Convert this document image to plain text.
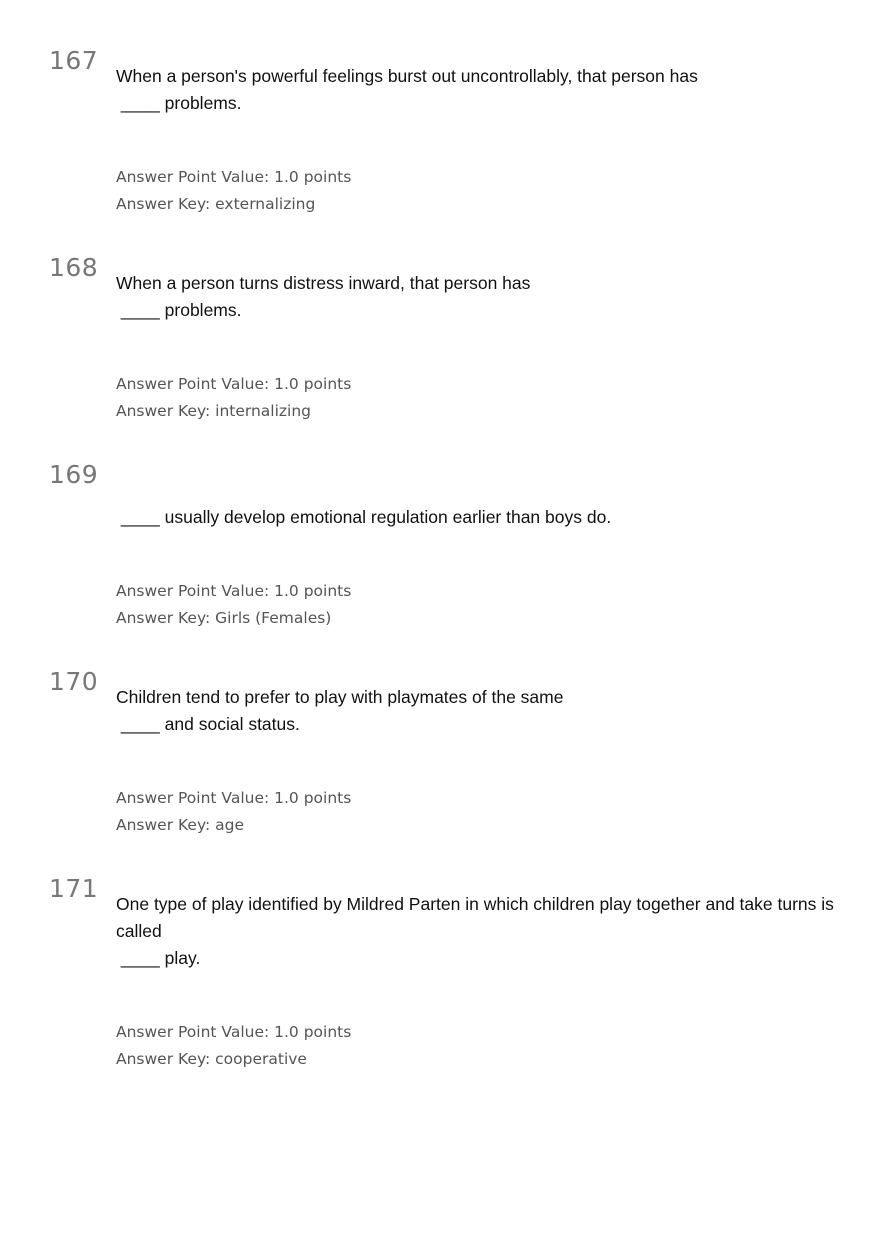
167
When a person's powerful feelings burst out uncontrollably, that person has
____ problems.
Answer Point Value: 1.0 points
Answer Key: externalizing
168
When a person turns distress inward, that person has
____ problems.
Answer Point Value: 1.0 points
Answer Key: internalizing
169
____ usually develop emotional regulation earlier than boys do.
Answer Point Value: 1.0 points
Answer Key: Girls (Females)
170
Children tend to prefer to play with playmates of the same
____ and social status.
Answer Point Value: 1.0 points
Answer Key: age
171
One type of play identified by Mildred Parten in which children play together and take turns is
called
____ play.
Answer Point Value: 1.0 points
Answer Key: cooperative
